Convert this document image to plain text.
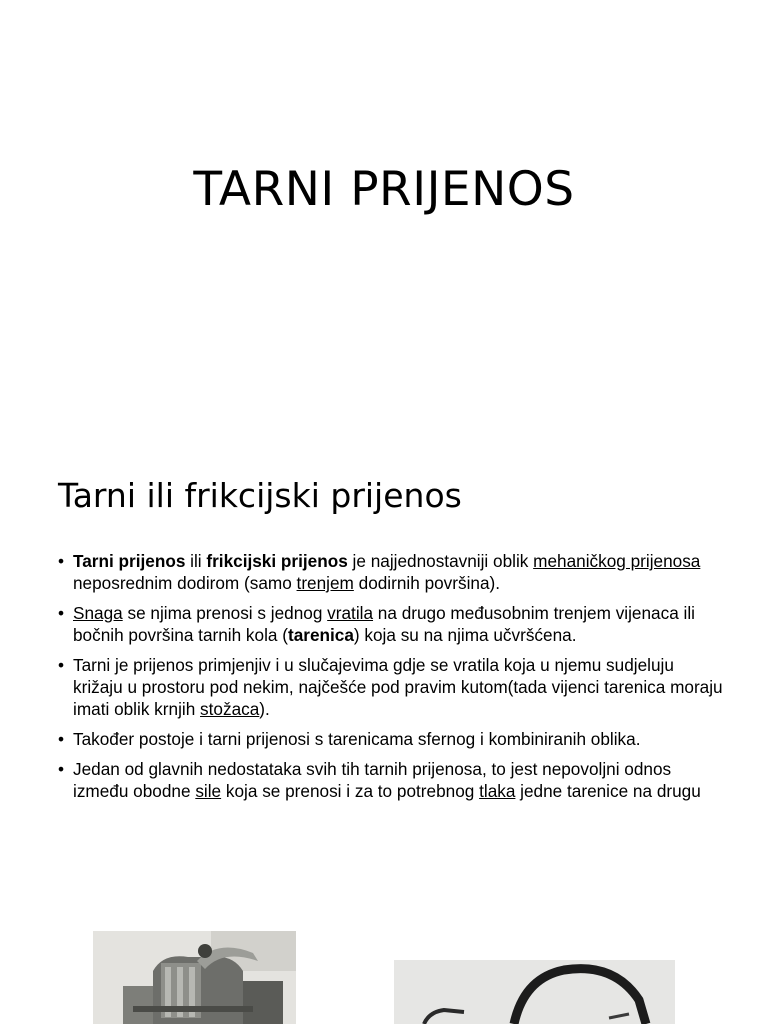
TARNI PRIJENOS
Tarni ili frikcijski prijenos
• Tarni prijenos ili frikcijski prijenos je najjednostavniji oblik mehaničkog prijenosa neposrednim dodirom (samo trenjem dodirnih površina).
• Snaga se njima prenosi s jednog vratila na drugo međusobnim trenjem vijenaca ili bočnih površina tarnih kola (tarenica) koja su na njima učvršćena.
• Tarni je prijenos primjenjiv i u slučajevima gdje se vratila koja u njemu sudjeluju križaju u prostoru pod nekim, najčešće pod pravim kutom(tada vijenci tarenica moraju imati oblik krnjih stožaca).
• Također postoje i tarni prijenosi s tarenicama sfernog i kombiniranih oblika.
• Jedan od glavnih nedostataka svih tih tarnih prijenosa, to jest nepovoljni odnos između obodne sile koja se prenosi i za to potrebnog tlaka jedne tarenice na drugu
